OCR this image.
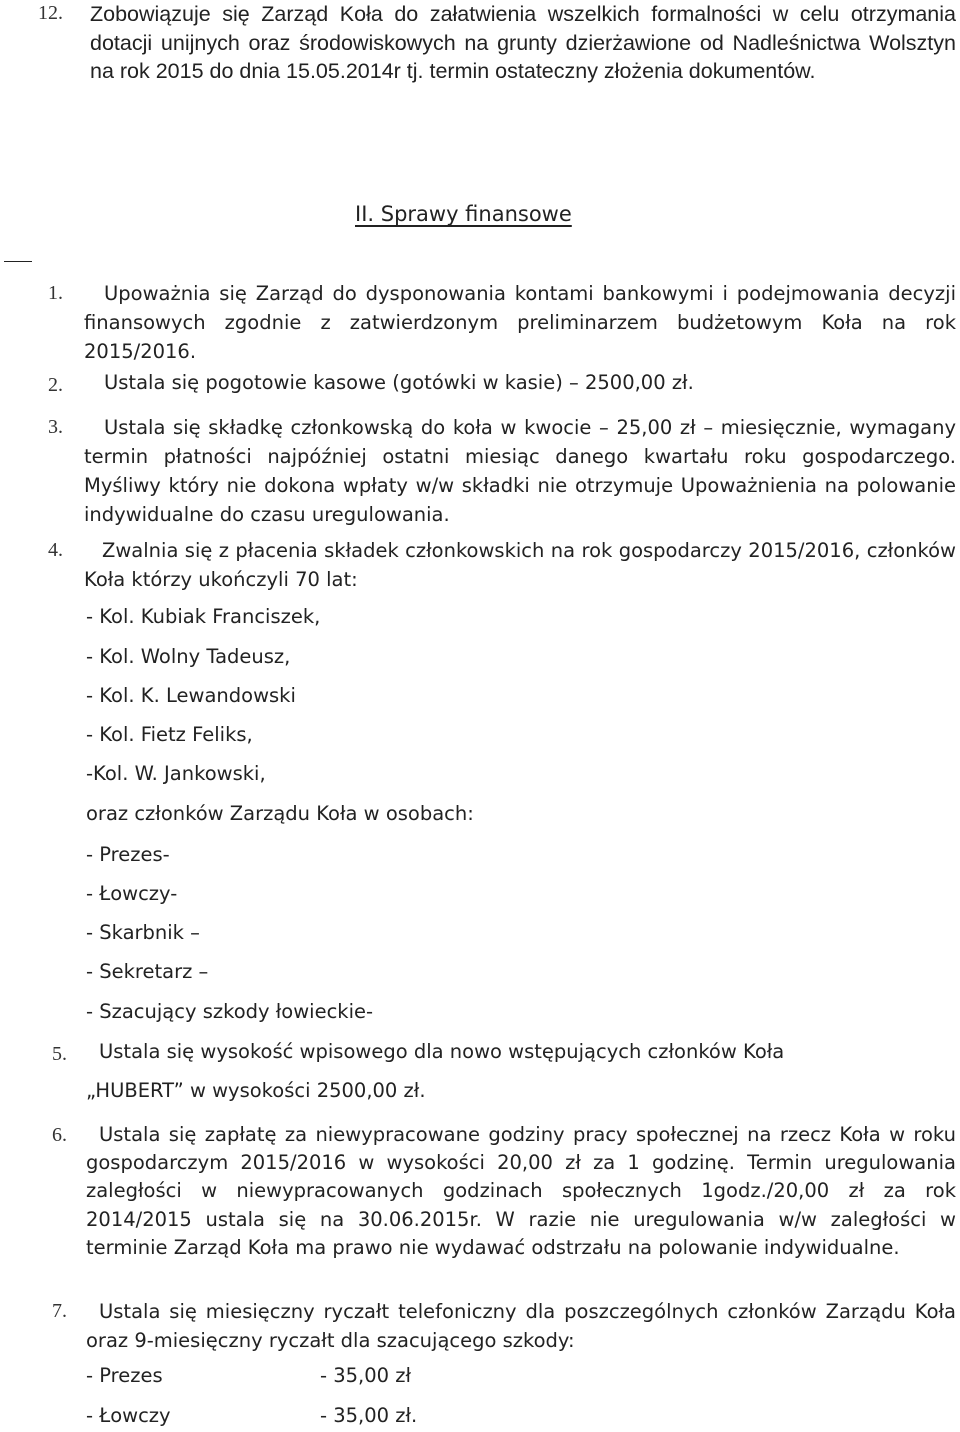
12. Zobowiązuje się Zarząd Koła do załatwienia wszelkich formalności w celu otrzymania dotacji unijnych oraz środowiskowych na grunty dzierżawione od Nadleśnictwa Wolsztyn na rok 2015 do dnia 15.05.2014r tj. termin ostateczny złożenia dokumentów.

II. Sprawy finansowe
1.	Upoważnia się Zarząd do dysponowania kontami bankowymi i podejmowania decyzji finansowych zgodnie z zatwierdzonym preliminarzem budżetowym Koła na rok 2015/2016.

2. Ustala się pogotowie kasowe (gotówki w kasie) – 2500,00 zł.
3.	Ustala się składkę członkowską do koła w kwocie – 25,00 zł – miesięcznie, wymagany termin płatności najpóźniej ostatni miesiąc danego kwartału roku gospodarczego. Myśliwy który nie dokona wpłaty w/w składki nie otrzymuje Upoważnienia na polowanie indywidualne do czasu uregulowania.

4.	Zwalnia się z płacenia składek członkowskich na rok gospodarczy 2015/2016, członków Koła którzy ukończyli 70 lat:

- Kol. Kubiak Franciszek,
- Kol. Wolny Tadeusz,
- Kol. K. Lewandowski
- Kol. Fietz Feliks,
-Kol. W. Jankowski,
oraz członków Zarządu Koła w osobach:
- Prezes-
- Łowczy-
- Skarbnik –
- Sekretarz –
- Szacujący szkody łowieckie-
5. Ustala się wysokość wpisowego dla nowo wstępujących członków Koła
„HUBERT” w wysokości 2500,00 zł.
6.	Ustala się zapłatę za niewypracowane godziny pracy społecznej na rzecz Koła w roku gospodarczym 2015/2016 w wysokości 20,00 zł za 1 godzinę. Termin uregulowania zaległości w niewypracowanych godzinach społecznych 1godz./20,00 zł za rok 2014/2015 ustala się na 30.06.2015r. W razie nie uregulowania w/w zaległości w terminie Zarząd Koła ma prawo nie wydawać odstrzału na polowanie indywidualne.

7.	Ustala się miesięczny ryczałt telefoniczny dla poszczególnych członków Zarządu Koła oraz 9-miesięczny ryczałt dla szacującego szkody:

- Prezes	- 35,00 zł
- Łowczy	- 35,00 zł.
